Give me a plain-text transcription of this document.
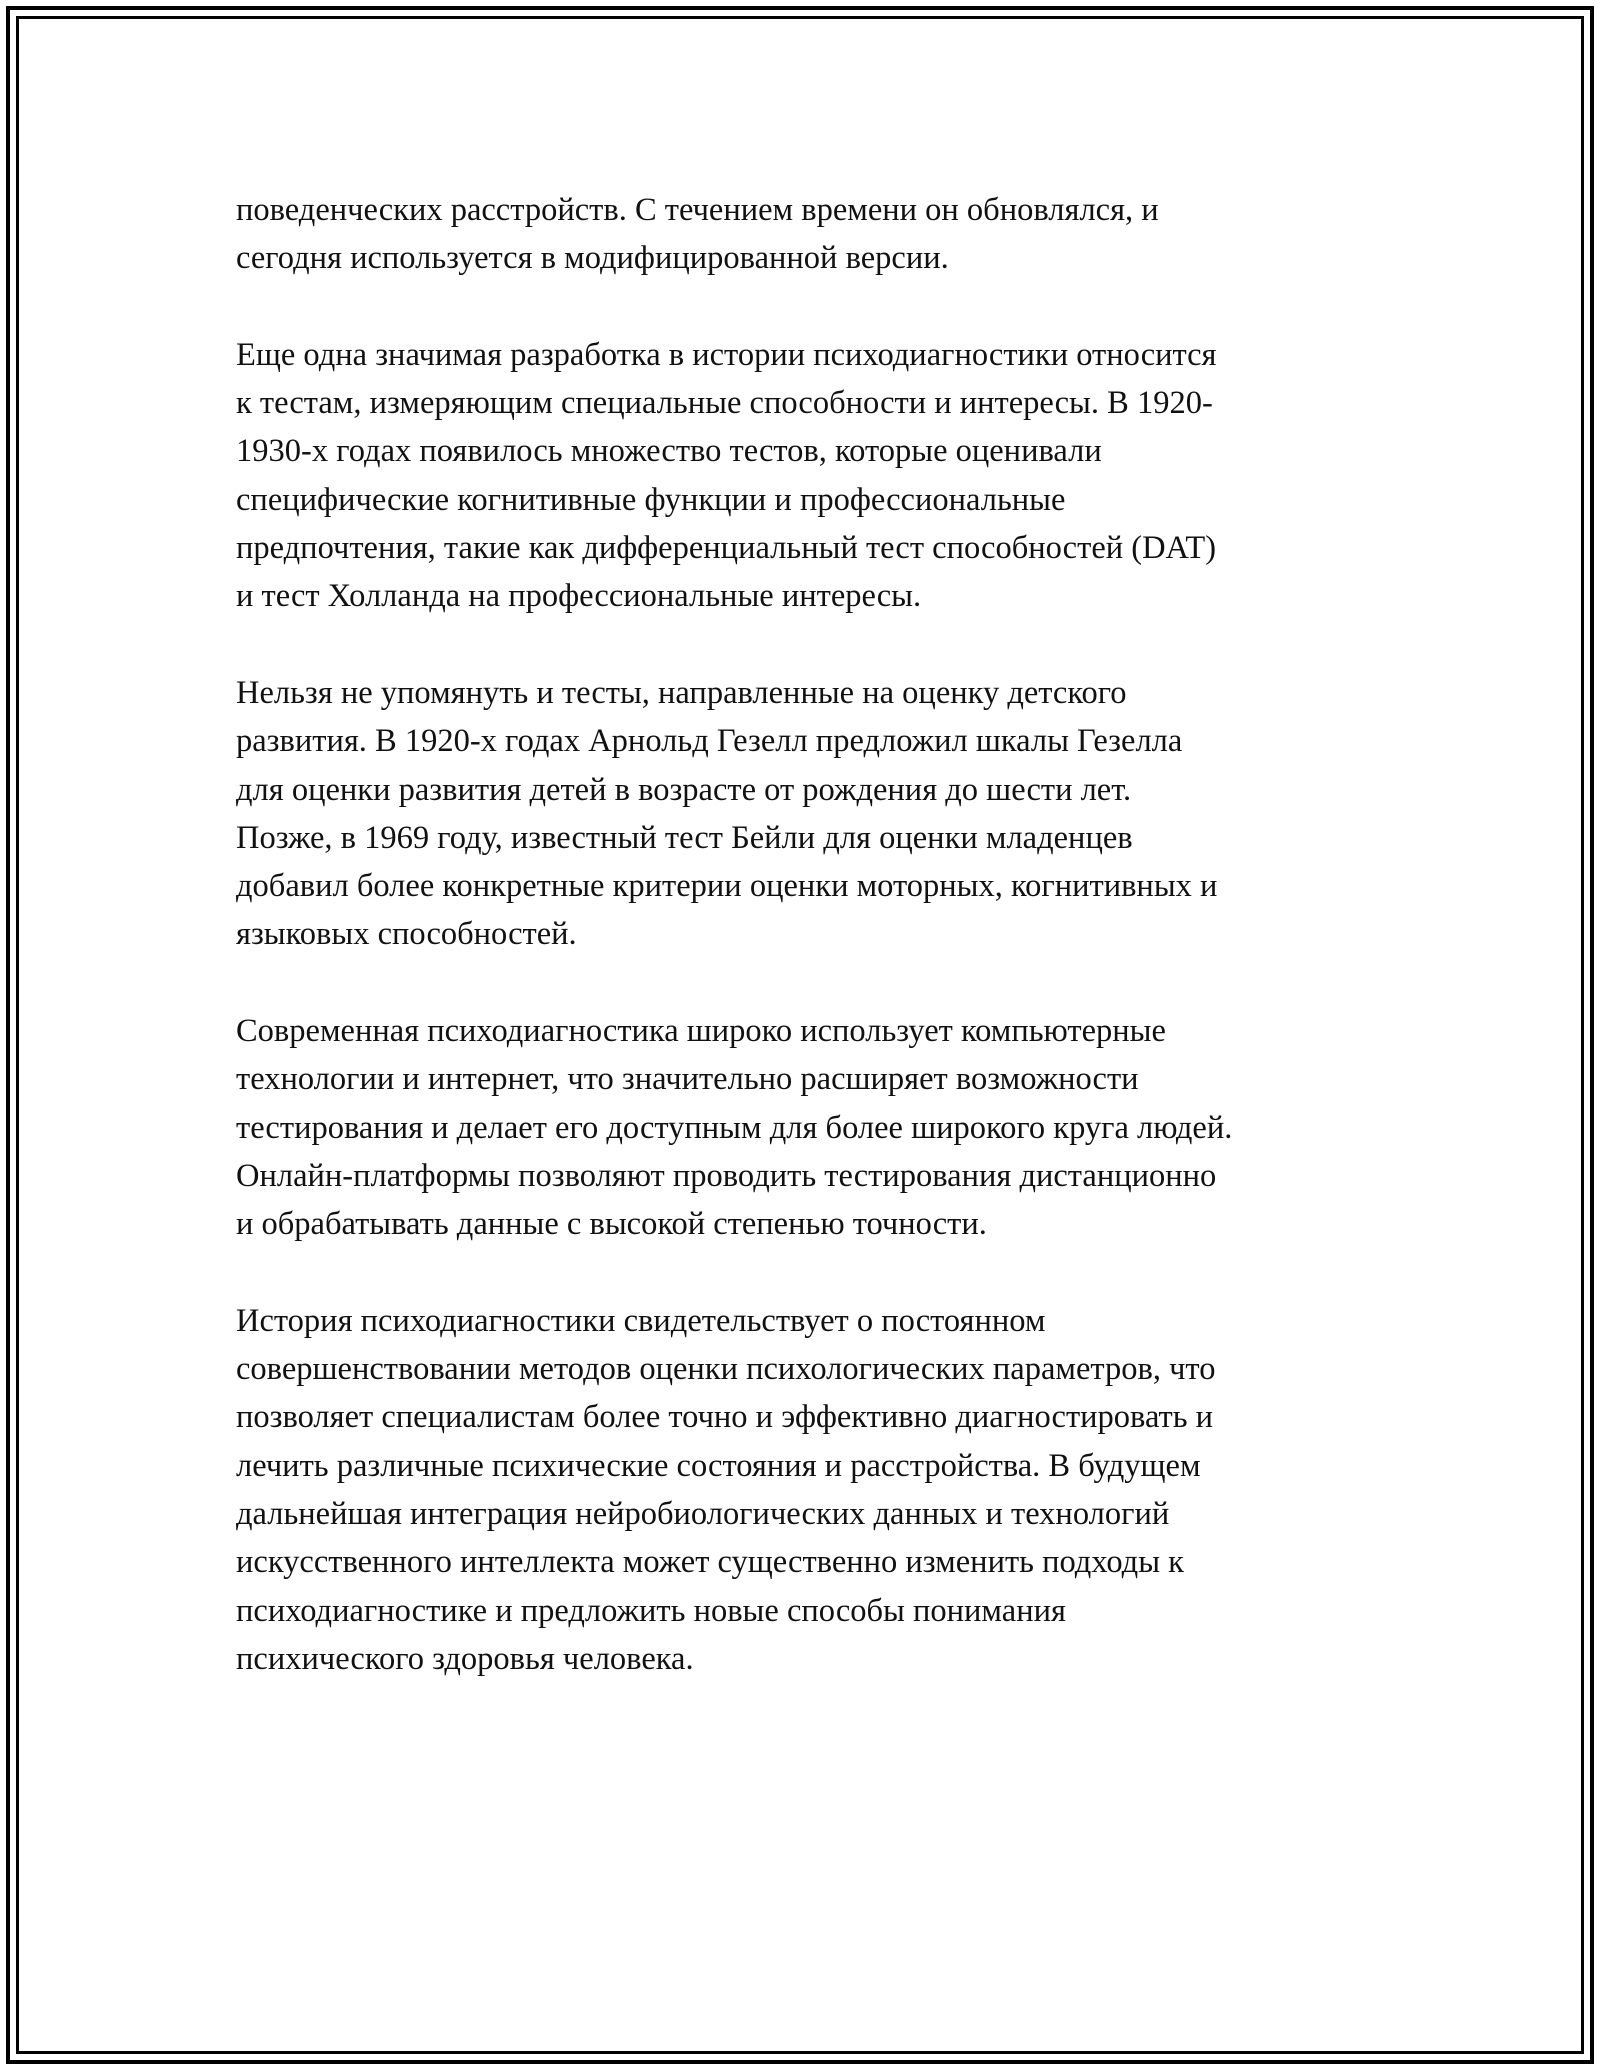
поведенческих расстройств. С течением времени он обновлялся, и
сегодня используется в модифицированной версии.

Еще одна значимая разработка в истории психодиагностики относится
к тестам, измеряющим специальные способности и интересы. В 1920-
1930-х годах появилось множество тестов, которые оценивали
специфические когнитивные функции и профессиональные
предпочтения, такие как дифференциальный тест способностей (DAT)
и тест Холланда на профессиональные интересы.

Нельзя не упомянуть и тесты, направленные на оценку детского
развития. В 1920-х годах Арнольд Гезелл предложил шкалы Гезелла
для оценки развития детей в возрасте от рождения до шести лет.
Позже, в 1969 году, известный тест Бейли для оценки младенцев
добавил более конкретные критерии оценки моторных, когнитивных и
языковых способностей.

Современная психодиагностика широко использует компьютерные
технологии и интернет, что значительно расширяет возможности
тестирования и делает его доступным для более широкого круга людей.
Онлайн-платформы позволяют проводить тестирования дистанционно
и обрабатывать данные с высокой степенью точности.

История психодиагностики свидетельствует о постоянном
совершенствовании методов оценки психологических параметров, что
позволяет специалистам более точно и эффективно диагностировать и
лечить различные психические состояния и расстройства. В будущем
дальнейшая интеграция нейробиологических данных и технологий
искусственного интеллекта может существенно изменить подходы к
психодиагностике и предложить новые способы понимания
психического здоровья человека.
